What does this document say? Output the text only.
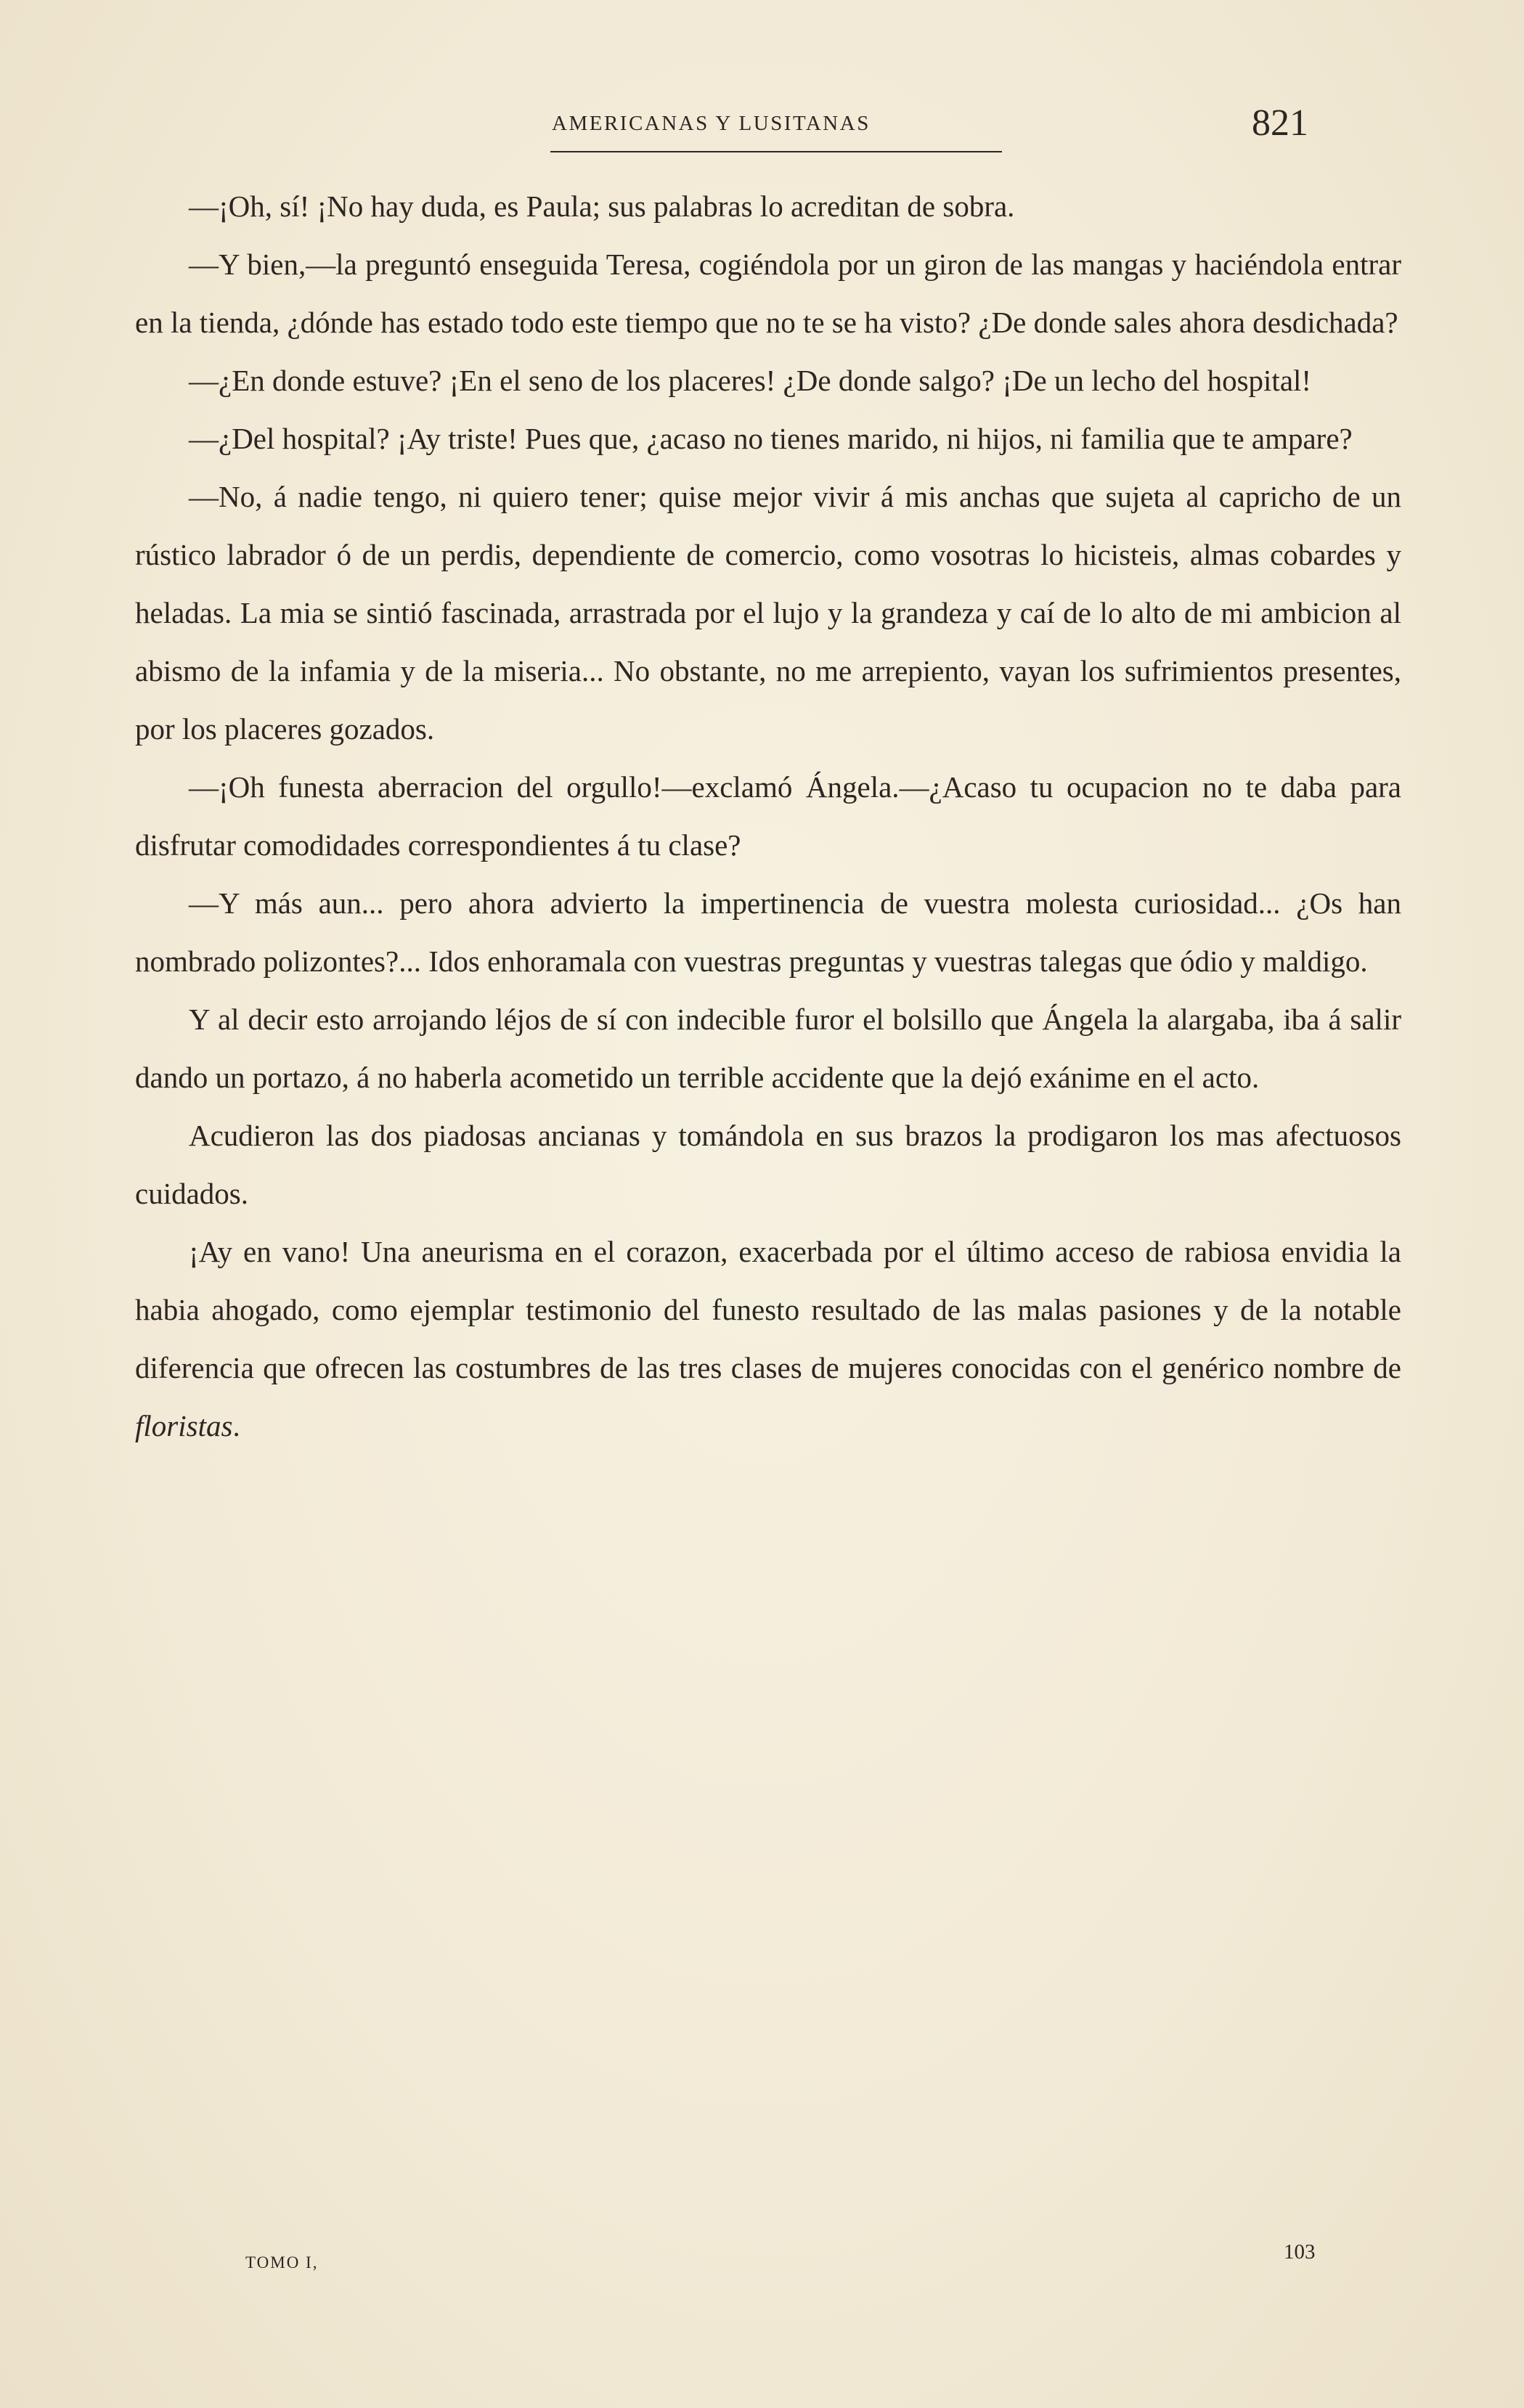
AMERICANAS Y LUSITANAS	821

—¡Oh, sí! ¡No hay duda, es Paula; sus palabras lo acreditan de sobra.

—Y bien,—la preguntó enseguida Teresa, cogiéndola por un giron de las mangas y haciéndola entrar en la tienda, ¿dónde has estado todo este tiempo que no te se ha visto? ¿De donde sales ahora desdichada?

—¿En donde estuve? ¡En el seno de los placeres! ¿De donde salgo? ¡De un lecho del hospital!

—¿Del hospital? ¡Ay triste! Pues que, ¿acaso no tienes marido, ni hijos, ni familia que te ampare?

—No, á nadie tengo, ni quiero tener; quise mejor vivir á mis anchas que sujeta al capricho de un rústico labrador ó de un perdis, dependiente de comercio, como vosotras lo hicisteis, almas cobardes y heladas. La mia se sintió fascinada, arrastrada por el lujo y la grandeza y caí de lo alto de mi ambicion al abismo de la infamia y de la miseria... No obstante, no me arrepiento, vayan los sufrimientos presentes, por los placeres gozados.

—¡Oh funesta aberracion del orgullo!—exclamó Ángela.—¿Acaso tu ocupacion no te daba para disfrutar comodidades correspondientes á tu clase?

—Y más aun... pero ahora advierto la impertinencia de vuestra molesta curiosidad... ¿Os han nombrado polizontes?... Idos enhoramala con vuestras preguntas y vuestras talegas que ódio y maldigo.

Y al decir esto arrojando léjos de sí con indecible furor el bolsillo que Ángela la alargaba, iba á salir dando un portazo, á no haberla acometido un terrible accidente que la dejó exánime en el acto.

Acudieron las dos piadosas ancianas y tomándola en sus brazos la prodigaron los mas afectuosos cuidados.

¡Ay en vano! Una aneurisma en el corazon, exacerbada por el último acceso de rabiosa envidia la habia ahogado, como ejemplar testimonio del funesto resultado de las malas pasiones y de la notable diferencia que ofrecen las costumbres de las tres clases de mujeres conocidas con el genérico nombre de floristas.

TOMO I,	103
